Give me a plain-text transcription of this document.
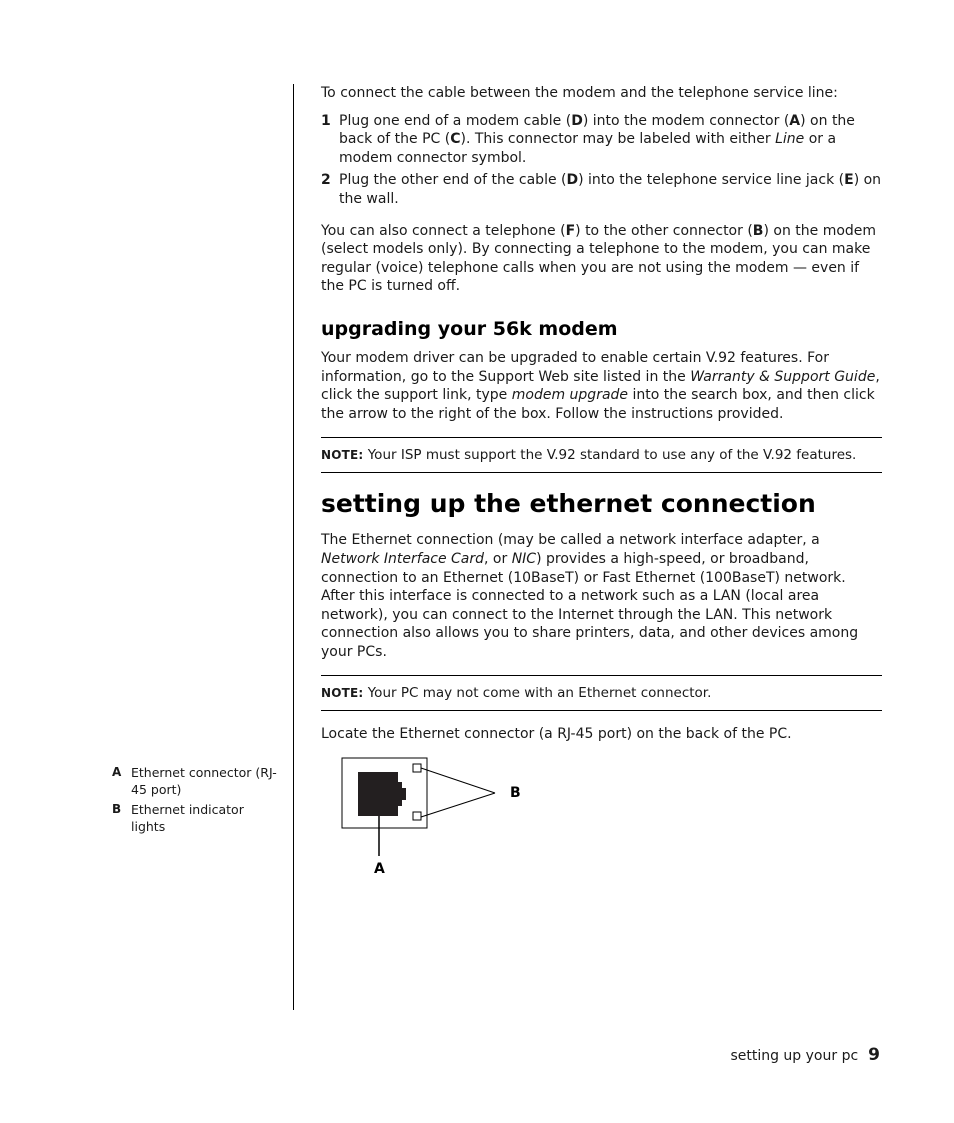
To connect the cable between the modem and the telephone service line:

1 Plug one end of a modem cable (D) into the modem connector (A) on the back of the PC (C). This connector may be labeled with either Line or a modem connector symbol.
2 Plug the other end of the cable (D) into the telephone service line jack (E) on the wall.

You can also connect a telephone (F) to the other connector (B) on the modem (select models only). By connecting a telephone to the modem, you can make regular (voice) telephone calls when you are not using the modem — even if the PC is turned off.

upgrading your 56k modem

Your modem driver can be upgraded to enable certain V.92 features. For information, go to the Support Web site listed in the Warranty & Support Guide, click the support link, type modem upgrade into the search box, and then click the arrow to the right of the box. Follow the instructions provided.

NOTE: Your ISP must support the V.92 standard to use any of the V.92 features.
setting up the ethernet connection

The Ethernet connection (may be called a network interface adapter, a Network Interface Card, or NIC) provides a high-speed, or broadband, connection to an Ethernet (10BaseT) or Fast Ethernet (100BaseT) network. After this interface is connected to a network such as a LAN (local area network), you can connect to the Internet through the LAN. This network connection also allows you to share printers, data, and other devices among your PCs.

NOTE: Your PC may not come with an Ethernet connector.

Locate the Ethernet connector (a RJ-45 port) on the back of the PC.

A Ethernet connector (RJ-45 port)
B Ethernet indicator lights
B
A
setting up your pc 9
